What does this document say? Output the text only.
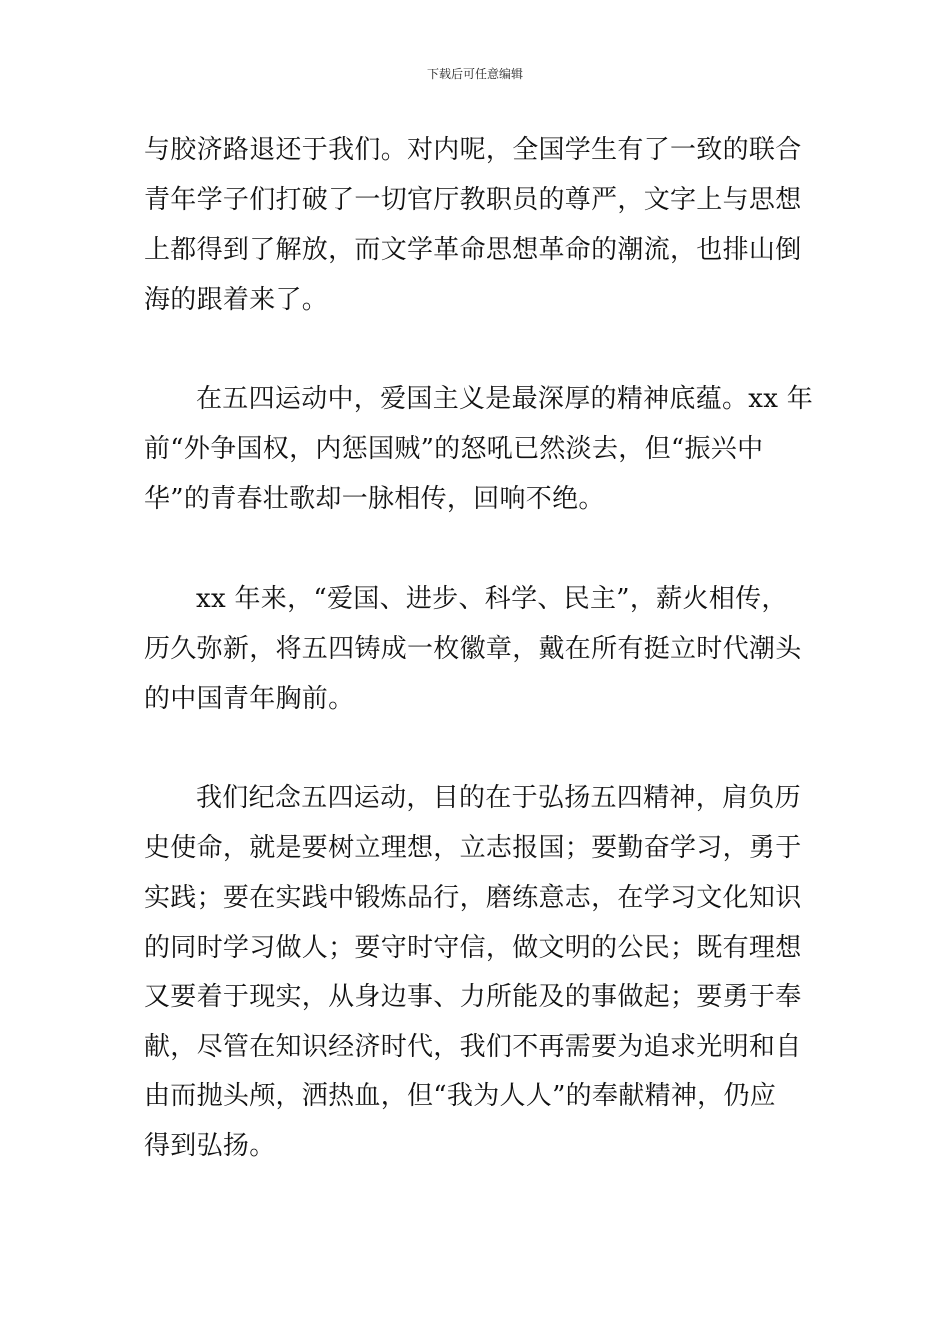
下载后可任意编辑
与胶济路退还于我们。对内呢，全国学生有了一致的联合
青年学子们打破了一切官厅教职员的尊严，文字上与思想
上都得到了解放，而文学革命思想革命的潮流，也排山倒
海的跟着来了。
在五四运动中，爱国主义是最深厚的精神底蕴。xx 年
前“外争国权，内惩国贼”的怒吼已然淡去，但“振兴中
华”的青春壮歌却一脉相传，回响不绝。
xx 年来，“爱国、进步、科学、民主”，薪火相传，
历久弥新，将五四铸成一枚徽章，戴在所有挺立时代潮头
的中国青年胸前。
我们纪念五四运动，目的在于弘扬五四精神，肩负历
史使命，就是要树立理想，立志报国；要勤奋学习，勇于
实践；要在实践中锻炼品行，磨练意志，在学习文化知识
的同时学习做人；要守时守信，做文明的公民；既有理想
又要着于现实，从身边事、力所能及的事做起；要勇于奉
献，尽管在知识经济时代，我们不再需要为追求光明和自
由而抛头颅，洒热血，但“我为人人”的奉献精神，仍应
得到弘扬。
